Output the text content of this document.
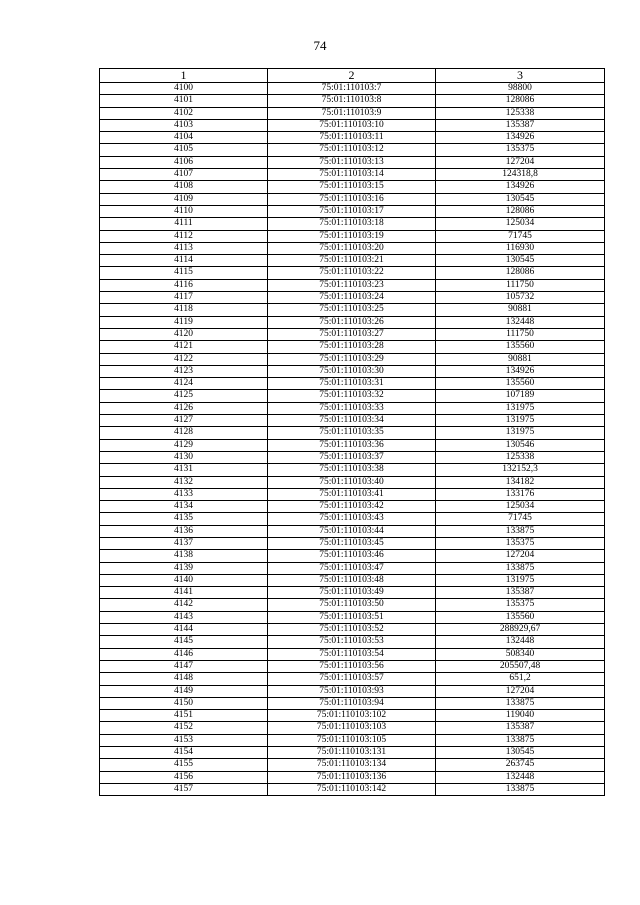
74
1	2	3
4100	75:01:110103:7	98800
4101	75:01:110103:8	128086
4102	75:01:110103:9	125338
4103	75:01:110103:10	135387
4104	75:01:110103:11	134926
4105	75:01:110103:12	135375
4106	75:01:110103:13	127204
4107	75:01:110103:14	124318,8
4108	75:01:110103:15	134926
4109	75:01:110103:16	130545
4110	75:01:110103:17	128086
4111	75:01:110103:18	125034
4112	75:01:110103:19	71745
4113	75:01:110103:20	116930
4114	75:01:110103:21	130545
4115	75:01:110103:22	128086
4116	75:01:110103:23	111750
4117	75:01:110103:24	105732
4118	75:01:110103:25	90881
4119	75:01:110103:26	132448
4120	75:01:110103:27	111750
4121	75:01:110103:28	135560
4122	75:01:110103:29	90881
4123	75:01:110103:30	134926
4124	75:01:110103:31	135560
4125	75:01:110103:32	107189
4126	75:01:110103:33	131975
4127	75:01:110103:34	131975
4128	75:01:110103:35	131975
4129	75:01:110103:36	130546
4130	75:01:110103:37	125338
4131	75:01:110103:38	132152,3
4132	75:01:110103:40	134182
4133	75:01:110103:41	133176
4134	75:01:110103:42	125034
4135	75:01:110103:43	71745
4136	75:01:110103:44	133875
4137	75:01:110103:45	135375
4138	75:01:110103:46	127204
4139	75:01:110103:47	133875
4140	75:01:110103:48	131975
4141	75:01:110103:49	135387
4142	75:01:110103:50	135375
4143	75:01:110103:51	135560
4144	75:01:110103:52	288929,67
4145	75:01:110103:53	132448
4146	75:01:110103:54	508340
4147	75:01:110103:56	205507,48
4148	75:01:110103:57	651,2
4149	75:01:110103:93	127204
4150	75:01:110103:94	133875
4151	75:01:110103:102	119040
4152	75:01:110103:103	135387
4153	75:01:110103:105	133875
4154	75:01:110103:131	130545
4155	75:01:110103:134	263745
4156	75:01:110103:136	132448
4157	75:01:110103:142	133875
